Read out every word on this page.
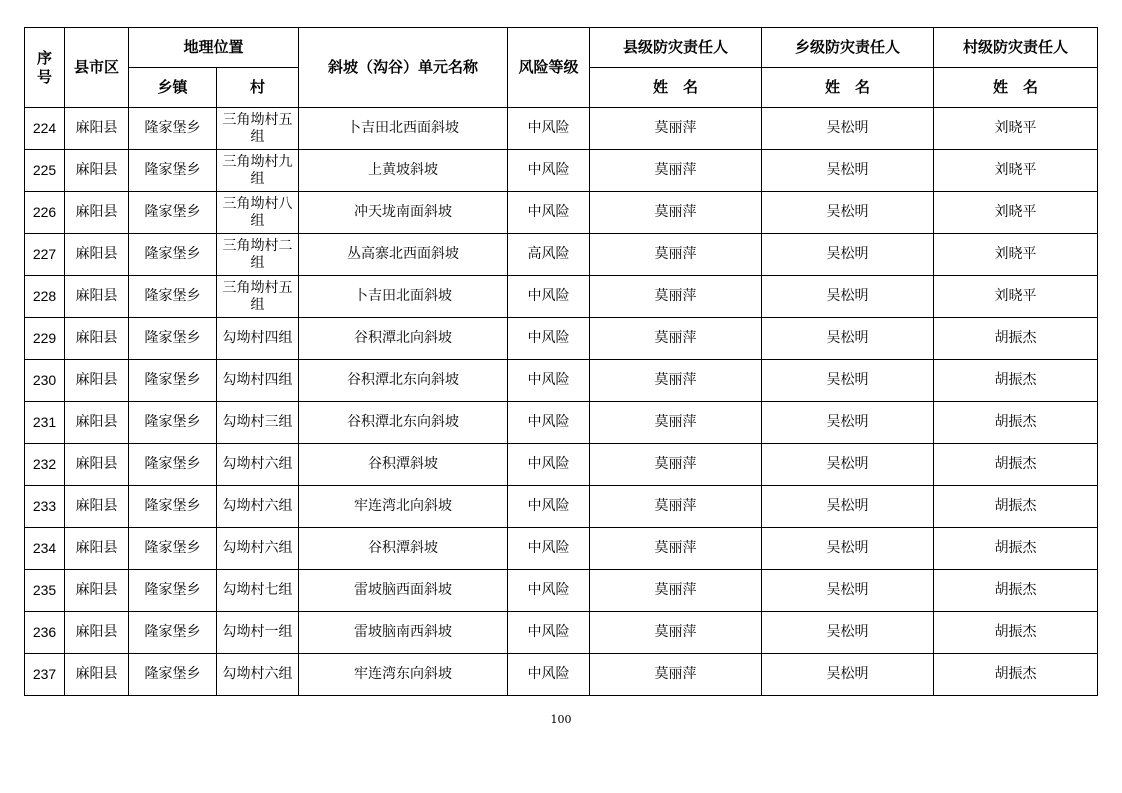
序号	县市区	地理位置		斜坡（沟谷）单元名称	风险等级	县级防灾责任人	乡级防灾责任人	村级防灾责任人
		乡镇	村			姓　名	姓　名	姓　名
224	麻阳县	隆家堡乡	三角坳村五组	卜吉田北西面斜坡	中风险	莫丽萍	吴松明	刘晓平
225	麻阳县	隆家堡乡	三角坳村九组	上黄坡斜坡	中风险	莫丽萍	吴松明	刘晓平
226	麻阳县	隆家堡乡	三角坳村八组	冲天垅南面斜坡	中风险	莫丽萍	吴松明	刘晓平
227	麻阳县	隆家堡乡	三角坳村二组	丛高寨北西面斜坡	高风险	莫丽萍	吴松明	刘晓平
228	麻阳县	隆家堡乡	三角坳村五组	卜吉田北面斜坡	中风险	莫丽萍	吴松明	刘晓平
229	麻阳县	隆家堡乡	勾坳村四组	谷积潭北向斜坡	中风险	莫丽萍	吴松明	胡振杰
230	麻阳县	隆家堡乡	勾坳村四组	谷积潭北东向斜坡	中风险	莫丽萍	吴松明	胡振杰
231	麻阳县	隆家堡乡	勾坳村三组	谷积潭北东向斜坡	中风险	莫丽萍	吴松明	胡振杰
232	麻阳县	隆家堡乡	勾坳村六组	谷积潭斜坡	中风险	莫丽萍	吴松明	胡振杰
233	麻阳县	隆家堡乡	勾坳村六组	牢连湾北向斜坡	中风险	莫丽萍	吴松明	胡振杰
234	麻阳县	隆家堡乡	勾坳村六组	谷积潭斜坡	中风险	莫丽萍	吴松明	胡振杰
235	麻阳县	隆家堡乡	勾坳村七组	雷坡脑西面斜坡	中风险	莫丽萍	吴松明	胡振杰
236	麻阳县	隆家堡乡	勾坳村一组	雷坡脑南西斜坡	中风险	莫丽萍	吴松明	胡振杰
237	麻阳县	隆家堡乡	勾坳村六组	牢连湾东向斜坡	中风险	莫丽萍	吴松明	胡振杰
100
